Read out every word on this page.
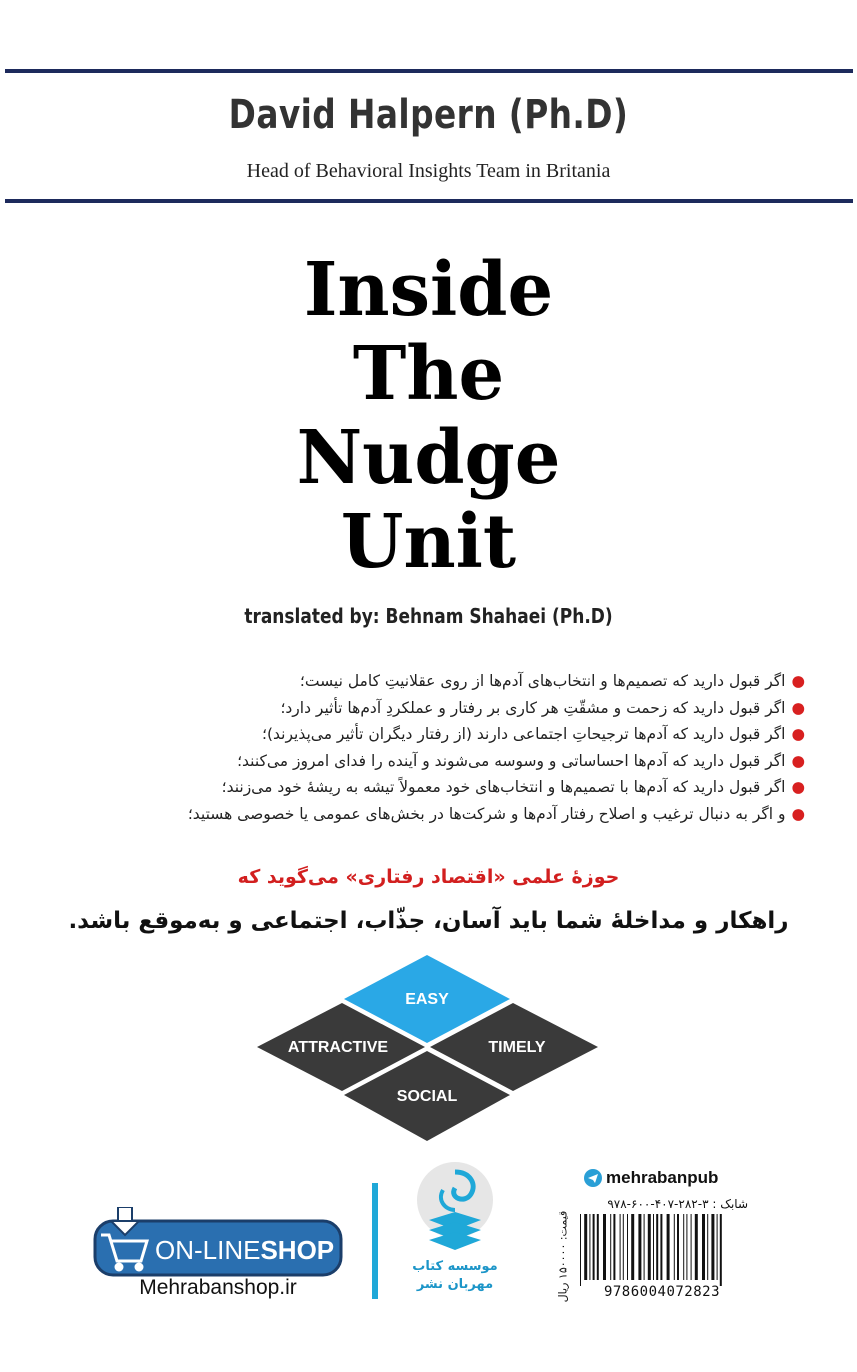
David Halpern (Ph.D)
Head of Behavioral Insights Team in Britania
Inside
The
Nudge
Unit
translated by: Behnam Shahaei (Ph.D)
●اگر قبول دارید که تصمیم‌ها و انتخاب‌های آدم‌ها از روی عقلانیتِ کامل نیست؛
●اگر قبول دارید که زحمت و مشقّتِ هر کاری بر رفتار و عملکردِ آدم‌ها تأثیر دارد؛
●اگر قبول دارید که آدم‌ها ترجیحاتِ اجتماعی دارند (از رفتار دیگران تأثیر می‌پذیرند)؛
●اگر قبول دارید که آدم‌ها احساساتی و وسوسه می‌شوند و آینده را فدای امروز می‌کنند؛
●اگر قبول دارید که آدم‌ها با تصمیم‌ها و انتخاب‌های خود معمولاً تیشه به ریشهٔ خود می‌زنند؛
●و اگر به دنبال ترغیب و اصلاح رفتار آدم‌ها و شرکت‌ها در بخش‌های عمومی یا خصوصی هستید؛
حوزهٔ علمی «اقتصاد رفتاری» می‌گوید که
راهکار و مداخلهٔ شما باید آسان، جذّاب، اجتماعی و به‌موقع باشد.
EASY
ATTRACTIVE	TIMELY
SOCIAL
ON-LINESHOP
Mehrabanshop.ir
موسسه کتاب
مهربان نشر
mehrabanpub
شابک : ۳-۲۸۲-۴۰۷-۶۰۰-۹۷۸
قیمت: ۱۵۰۰۰۰ ریال
9786004072823
